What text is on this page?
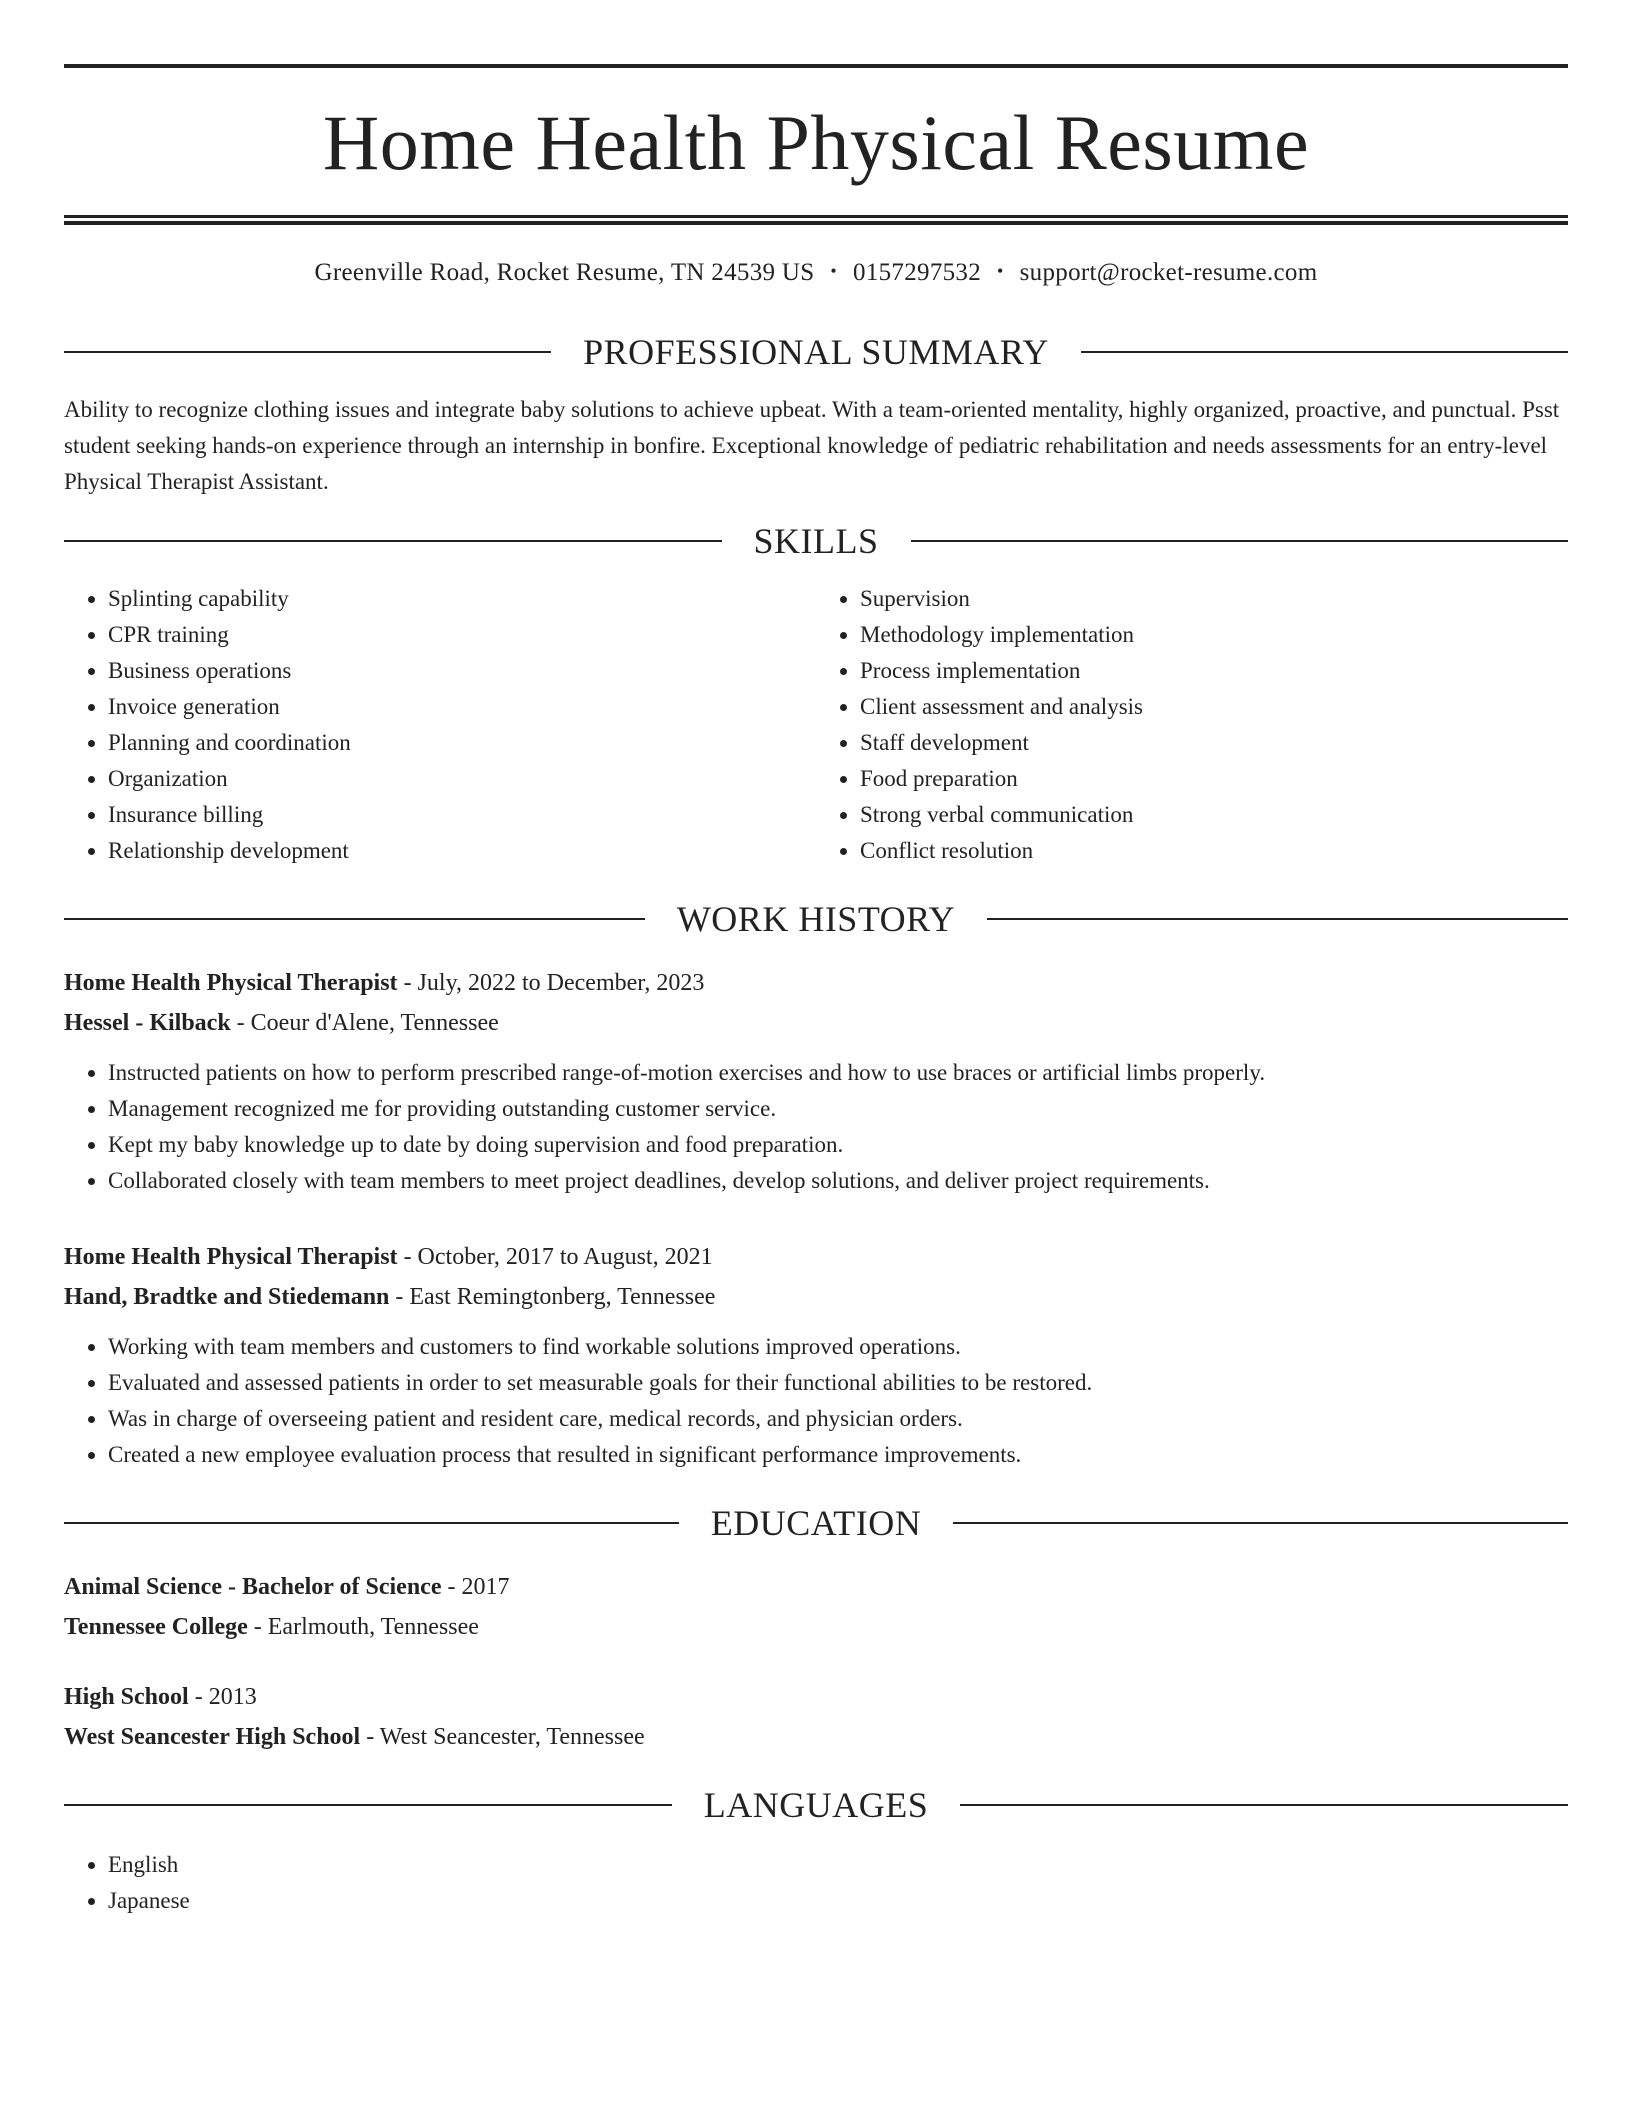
Home Health Physical Resume
Greenville Road, Rocket Resume, TN 24539 US • 0157297532 • support@rocket-resume.com
PROFESSIONAL SUMMARY

Ability to recognize clothing issues and integrate baby solutions to achieve upbeat. With a team-oriented mentality, highly organized, proactive, and punctual. Psst student seeking hands-on experience through an internship in bonfire. Exceptional knowledge of pediatric rehabilitation and needs assessments for an entry-level Physical Therapist Assistant.

SKILLS
• Splinting capability
• CPR training
• Business operations
• Invoice generation
• Planning and coordination
• Organization
• Insurance billing
• Relationship development
• Supervision
• Methodology implementation
• Process implementation
• Client assessment and analysis
• Staff development
• Food preparation
• Strong verbal communication
• Conflict resolution
WORK HISTORY
Home Health Physical Therapist - July, 2022 to December, 2023
Hessel - Kilback - Coeur d'Alene, Tennessee
• Instructed patients on how to perform prescribed range-of-motion exercises and how to use braces or artificial limbs properly.
• Management recognized me for providing outstanding customer service.
• Kept my baby knowledge up to date by doing supervision and food preparation.
• Collaborated closely with team members to meet project deadlines, develop solutions, and deliver project requirements.
Home Health Physical Therapist - October, 2017 to August, 2021
Hand, Bradtke and Stiedemann - East Remingtonberg, Tennessee
• Working with team members and customers to find workable solutions improved operations.
• Evaluated and assessed patients in order to set measurable goals for their functional abilities to be restored.
• Was in charge of overseeing patient and resident care, medical records, and physician orders.
• Created a new employee evaluation process that resulted in significant performance improvements.
EDUCATION
Animal Science - Bachelor of Science - 2017
Tennessee College - Earlmouth, Tennessee
High School - 2013
West Seancester High School - West Seancester, Tennessee
LANGUAGES
• English
• Japanese
